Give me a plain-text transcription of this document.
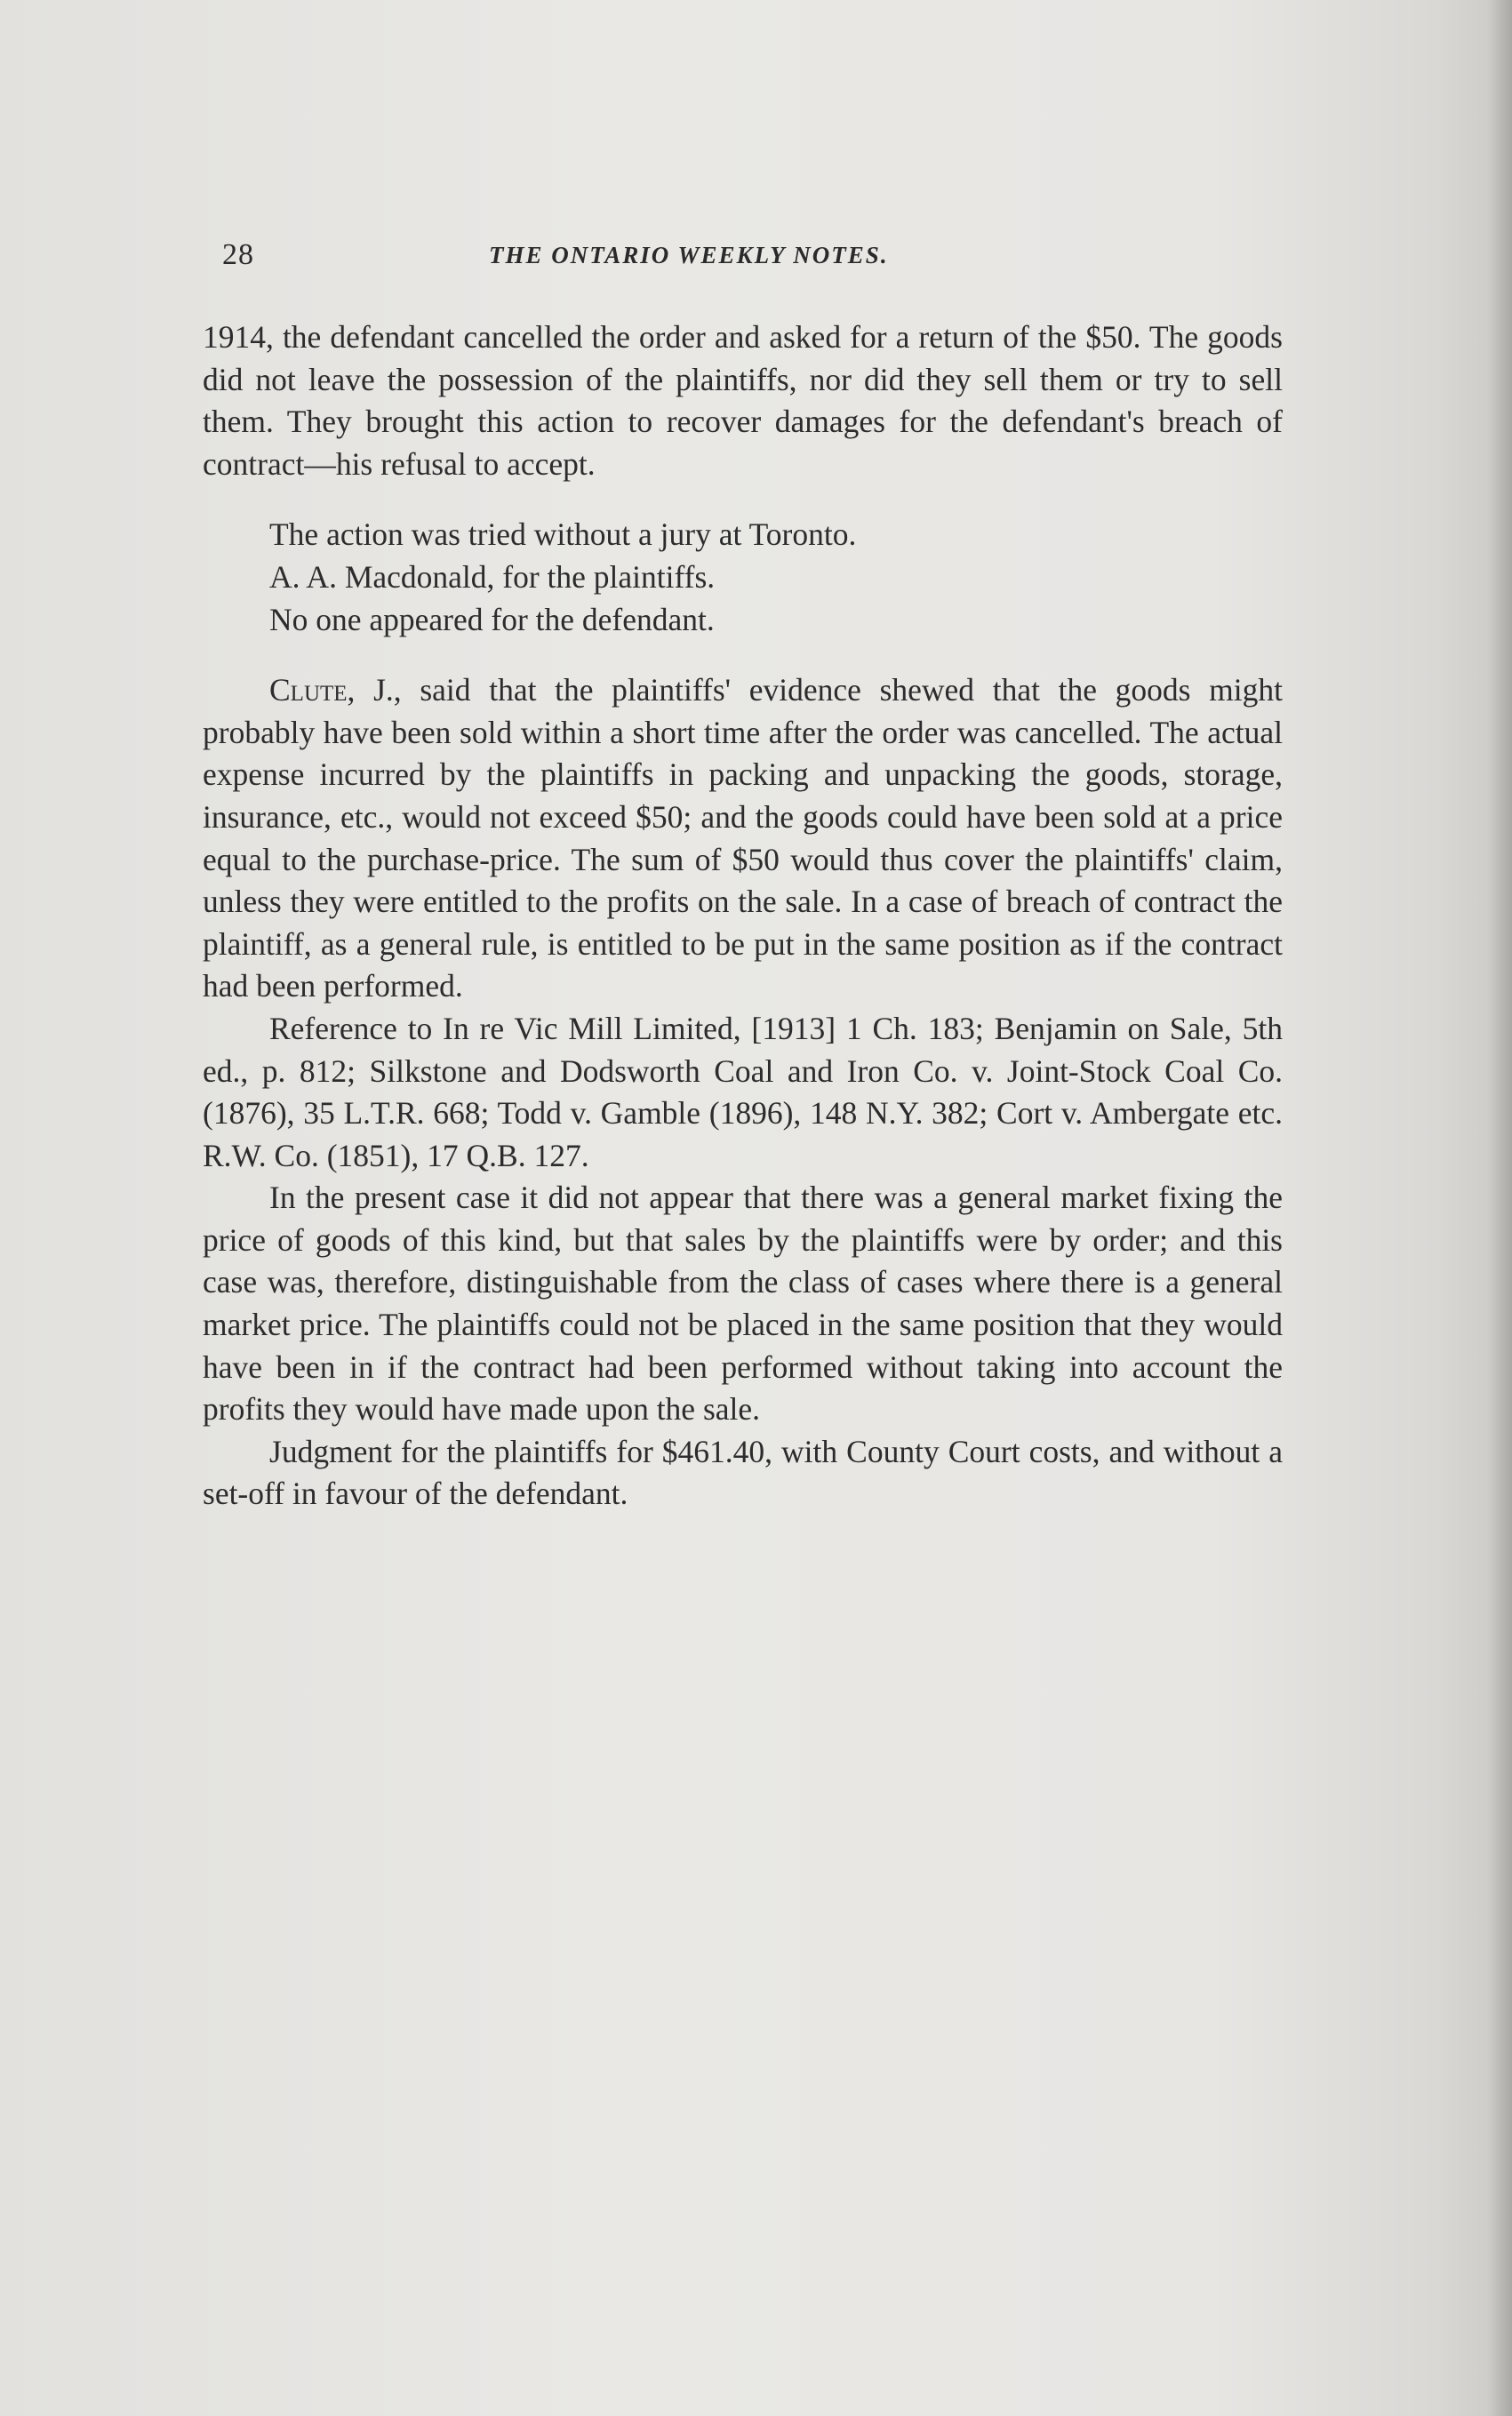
28	THE ONTARIO WEEKLY NOTES.

1914, the defendant cancelled the order and asked for a return of the $50. The goods did not leave the possession of the plaintiffs, nor did they sell them or try to sell them. They brought this action to recover damages for the defendant's breach of contract—his refusal to accept.

The action was tried without a jury at Toronto.

A. A. Macdonald, for the plaintiffs.

No one appeared for the defendant.

Clute, J., said that the plaintiffs' evidence shewed that the goods might probably have been sold within a short time after the order was cancelled. The actual expense incurred by the plaintiffs in packing and unpacking the goods, storage, insurance, etc., would not exceed $50; and the goods could have been sold at a price equal to the purchase-price. The sum of $50 would thus cover the plaintiffs' claim, unless they were entitled to the profits on the sale. In a case of breach of contract the plaintiff, as a general rule, is entitled to be put in the same position as if the contract had been performed.

Reference to In re Vic Mill Limited, [1913] 1 Ch. 183; Benjamin on Sale, 5th ed., p. 812; Silkstone and Dodsworth Coal and Iron Co. v. Joint-Stock Coal Co. (1876), 35 L.T.R. 668; Todd v. Gamble (1896), 148 N.Y. 382; Cort v. Ambergate etc. R.W. Co. (1851), 17 Q.B. 127.

In the present case it did not appear that there was a general market fixing the price of goods of this kind, but that sales by the plaintiffs were by order; and this case was, therefore, distinguishable from the class of cases where there is a general market price. The plaintiffs could not be placed in the same position that they would have been in if the contract had been performed without taking into account the profits they would have made upon the sale.

Judgment for the plaintiffs for $461.40, with County Court costs, and without a set-off in favour of the defendant.
